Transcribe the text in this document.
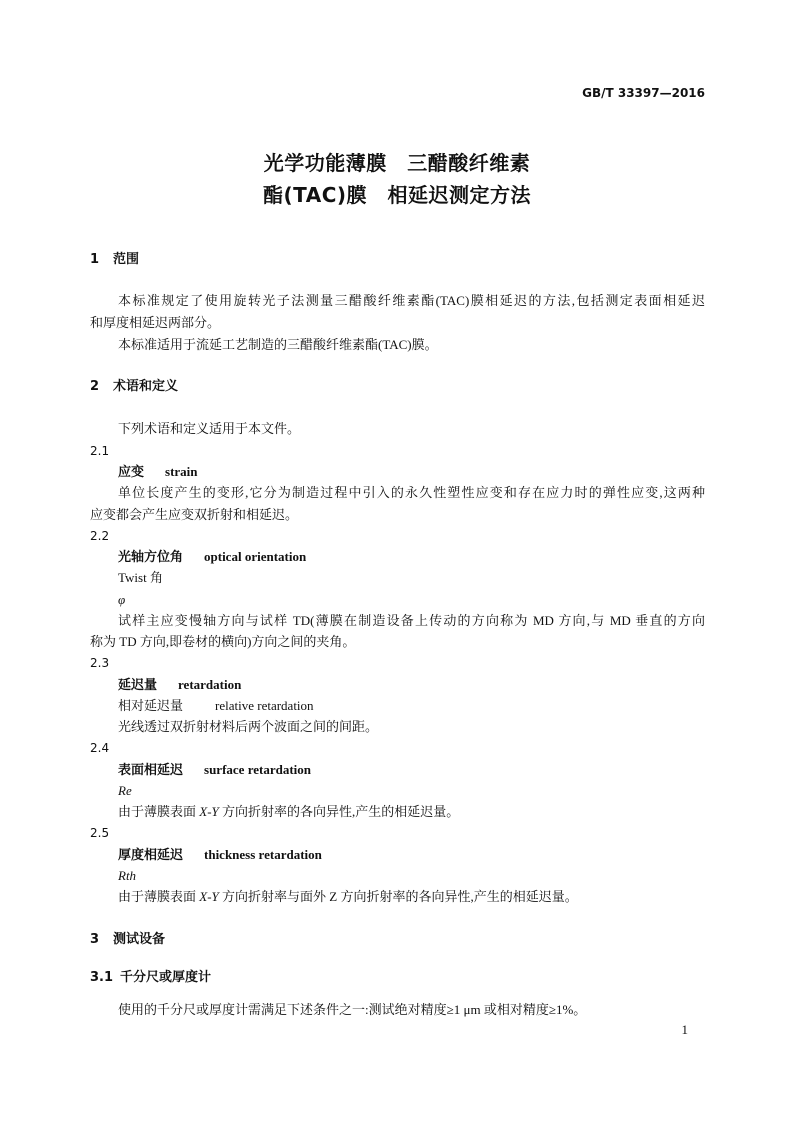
GB/T 33397—2016
光学功能薄膜　三醋酸纤维素
酯(TAC)膜　相延迟测定方法
1 范围
本标准规定了使用旋转光子法测量三醋酸纤维素酯(TAC)膜相延迟的方法,包括测定表面相延迟
和厚度相延迟两部分。
本标准适用于流延工艺制造的三醋酸纤维素酯(TAC)膜。
2 术语和定义
下列术语和定义适用于本文件。
2.1
应变 strain
单位长度产生的变形,它分为制造过程中引入的永久性塑性应变和存在应力时的弹性应变,这两种
应变都会产生应变双折射和相延迟。
2.2
光轴方位角 optical orientation
Twist 角
φ
试样主应变慢轴方向与试样 TD(薄膜在制造设备上传动的方向称为 MD 方向,与 MD 垂直的方向
称为 TD 方向,即卷材的横向)方向之间的夹角。
2.3
延迟量 retardation
相对延迟量 relative retardation
光线透过双折射材料后两个波面之间的间距。
2.4
表面相延迟 surface retardation
Re
由于薄膜表面 X-Y 方向折射率的各向异性,产生的相延迟量。
2.5
厚度相延迟 thickness retardation
Rth
由于薄膜表面 X-Y 方向折射率与面外 Z 方向折射率的各向异性,产生的相延迟量。
3 测试设备
3.1 千分尺或厚度计
使用的千分尺或厚度计需满足下述条件之一:测试绝对精度≥1 μm 或相对精度≥1%。
1
